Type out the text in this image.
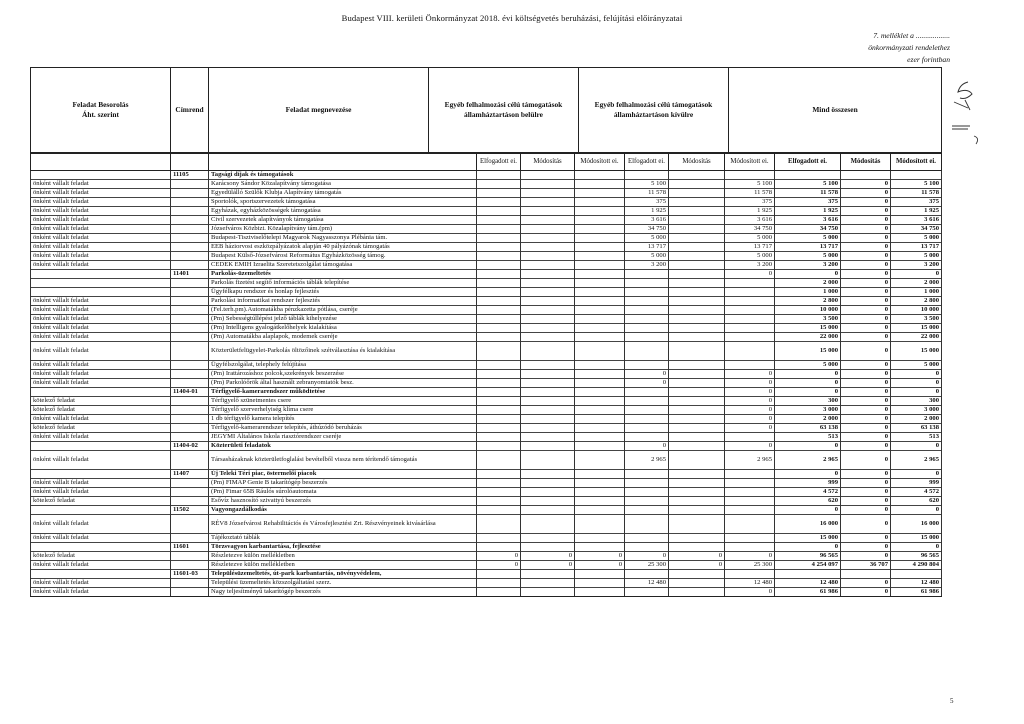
Budapest VIII. kerületi Önkormányzat 2018. évi költségvetés beruházási, felújítási előirányzatai
7. melléklet a ..................
önkormányzati rendelethez
ezer forintban
Feladat Besorolás
Áht. szerint	Címrend	Feladat megnevezése	Egyéb felhalmozási célú támogatások
államháztartáson belülre	Egyéb felhalmozási célú támogatások
államháztartáson kívülre	Mind összesen
			Elfogadott ei.	Módosítás	Módosított ei.	Elfogadott ei.	Módosítás	Módosított ei.	Elfogadott ei.	Módosítás	Módosított ei.
	11105	Tagsági díjak és támogatások									
önként vállalt feladat		Karácsony Sándor Közalapítvány támogatása				5 100		5 100	5 100	0	5 100
önként vállalt feladat		Egyedülálló Szülők Klubja Alapítvány támogatás				11 578		11 578	11 578	0	11 578
önként vállalt feladat		Sportolók, sportszervezetek támogatása				375		375	375	0	375
önként vállalt feladat		Egyházak, egyházközösségek támogatása				1 925		1 925	1 925	0	1 925
önként vállalt feladat		Civil szervezetek alapítványok támogatása				3 616		3 616	3 616	0	3 616
önként vállalt feladat		Józsefváros Közbizt. Közalapítvány tám.(pm)				34 750		34 750	34 750	0	34 750
önként vállalt feladat		Budapest-Tisztviselőtelepi Magyarok Nagyasszonya Plébánia tám.				5 000		5 000	5 000	0	5 000
önként vállalt feladat		EEB háziorvosi eszközpályázatok alapján 40 pályázónak támogatás				13 717		13 717	13 717	0	13 717
önként vállalt feladat		Budapest Külső-Józsefvárosi Református Egyházközösség támog.				5 000		5 000	5 000	0	5 000
önként vállalt feladat		CEDEK EMIH Izraelita Szeretetszolgálat támogatása				3 200		3 200	3 200	0	3 200
	11401	Parkolás-üzemeltetés						0	0	0	0
		Parkolás fizetést segítő információs táblák telepítése							2 000	0	2 000
		Ügyfélkapu rendszer és honlap fejlesztés							1 000	0	1 000
önként vállalt feladat		Parkolási informatikai rendszer fejlesztés							2 800	0	2 800
önként vállalt feladat		(Fel.terh.pm).Automatákba pénzkazetta pótlása, cseréje							10 000	0	10 000
önként vállalt feladat		(Pm) Sebességtúllépést jelző táblák kihelyezése							3 500	0	3 500
önként vállalt feladat		(Pm) Intelligens gyalogátkelőhelyek kialakítása							15 000	0	15 000
önként vállalt feladat		(Pm) Automatákba alaplapok, modemek cseréje							22 000	0	22 000
önként vállalt feladat		Közterületfelügyelet-Parkolás öltözőinek szétválasztása és kialakítása							15 000	0	15 000
önként vállalt feladat		Ügyfélszolgálat, telephely felújítása							5 000	0	5 000
önként vállalt feladat		(Pm) Irattározáshoz polcok,szekrények beszerzése				0		0	0	0	0
önként vállalt feladat		(Pm) Parkolóőrök által használt zebranyomtatók besz.				0		0	0	0	0
	11404-01	Térfigyelő-kamerarendszer működtetése						0	0	0	0
kötelező feladat		Térfigyelő szünetmentes csere						0	300	0	300
kötelező feladat		Térfigyelő szerverhelyiség klíma csere						0	3 000	0	3 000
önként vállalt feladat		1 db térfigyelő kamera telepítés						0	2 000	0	2 000
kötelező feladat		Térfigyelő-kamerarendszer telepítés, áthúzódó beruházás						0	63 138	0	63 138
önként vállalt feladat		JEGYMI Általános Iskola riasztórendszer cseréje							513	0	513
	11404-02	Közterületi feladatok				0		0	0	0	0
önként vállalt feladat		Társasházaknak közterületfoglalási bevételből vissza nem térítendő támogatás				2 965		2 965	2 965	0	2 965
	11407	Új Teleki Téri piac, östermelői piacok							0	0	0
önként vállalt feladat		(Pm) FIMAP Genie B takarítógép beszerzés							999	0	999
önként vállalt feladat		(Pm) Fimar 65B Ráulós súrolóautomata							4 572	0	4 572
kötelező feladat		Esővíz hasznosító szivattyú beszerzés							620	0	620
	11502	Vagyongazdálkodás							0	0	0
önként vállalt feladat		RÉV8 Józsefvárosi Rehabilitációs és Városfejlesztési Zrt. Részvényeinek kivásárlása							16 000	0	16 000
önként vállalt feladat		Tájékoztató táblák							15 000	0	15 000
	11601	Törzsvagyon karbantartása, fejlesztése							0	0	0
kötelező feladat		Részletezve külön mellékletben	0	0	0	0	0	0	96 565	0	96 565
önként vállalt feladat		Részletezve külön mellékletben	0	0	0	25 300	0	25 300	4 254 097	36 707	4 290 804
	11601-03	Településüzemeltetés, út-park karbantartás, növényvédelem,									
önként vállalt feladat		Települési üzemeltetés közszolgáltatási szerz.				12 480		12 480	12 480	0	12 480
önként vállalt feladat		Nagy teljesítményű takarítógép beszerzés						0	61 986	0	61 986
5
